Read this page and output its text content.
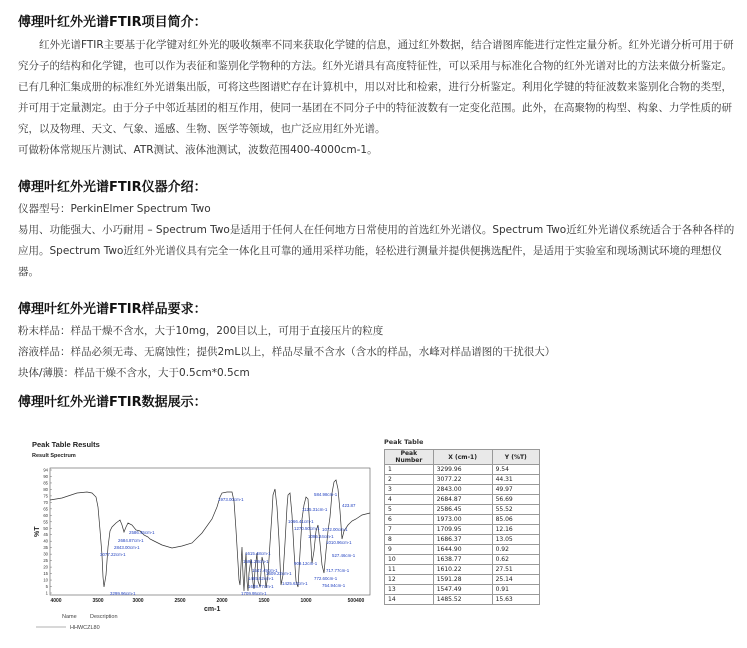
傅理叶红外光谱FTIR项目简介：

红外光谱FTIR主要基于化学键对红外光的吸收频率不同来获取化学键的信息，通过红外数据，结合谱图库能进行定性定量分析。红外光谱分析可用于研究分子的结构和化学键，也可以作为表征和鉴别化学物种的方法。红外光谱具有高度特征性，可以采用与标准化合物的红外光谱对比的方法来做分析鉴定。已有几种汇集成册的标准红外光谱集出版，可将这些图谱贮存在计算机中，用以对比和检索，进行分析鉴定。利用化学键的特征波数来鉴别化合物的类型，并可用于定量测定。由于分子中邻近基团的相互作用，使同一基团在不同分子中的特征波数有一定变化范围。此外，在高聚物的构型、构象、力学性质的研究，以及物理、天文、气象、遥感、生物、医学等领域，也广泛应用红外光谱。

可做粉体常规压片测试、ATR测试、液体池测试，波数范围400-4000cm-1。

傅理叶红外光谱FTIR仪器介绍：

仪器型号：PerkinElmer Spectrum Two

易用、功能强大、小巧耐用 – Spectrum Two是适用于任何人在任何地方日常使用的首选红外光谱仪。Spectrum Two近红外光谱仪系统适合于各种各样的应用。Spectrum Two近红外光谱仪具有完全一体化且可靠的通用采样功能，轻松进行测量并提供便携选配件，是适用于实验室和现场测试环境的理想仪器。

傅理叶红外光谱FTIR样品要求：

粉末样品：样品干燥不含水，大于10mg，200目以上，可用于直接压片的粒度

溶液样品：样品必须无毒、无腐蚀性；提供2mL以上，样品尽量不含水（含水的样品，水峰对样品谱图的干扰很大）

块体/薄膜：样品干燥不含水，大于0.5cm*0.5cm

傅理叶红外光谱FTIR数据展示：
Peak Table Results
Result Spectrum
94
90
85
80
75
70
65
60
55
50
45
40
35
30
25
20
15
10
5
1
4000	3500	3000	2500	2000	1500	1000	500400
%T
cm-1
1973.00cm-1
2586.45cm-1
2684.87cm-1
2843.00cm-1
3077.22cm-1
3299.96cm-1
584.98cm-1
423.87
1125.31cm-1
1066.41cm-1
1270.50cm-1
1095.24cm-1
1072.00cm-1
1010.96cm-1
717.77cm-1
772.60cm-1
754.94cm-1
527.46cm-1
909.12cm-1
1615.48cm-1
1591.28cm-1
1547.49cm-1
1485.52cm-1
1425.63cm-1
1609.22cm-1
1638.77cm-1
1709.95cm-1
Name Description
HHWCZL80
Peak Table
Peak Number	X (cm-1)	Y (%T)
1	3299.96	9.54
2	3077.22	44.31
3	2843.00	49.97
4	2684.87	56.69
5	2586.45	55.52
6	1973.00	85.06
7	1709.95	12.16
8	1686.37	13.05
9	1644.90	0.92
10	1638.77	0.62
11	1610.22	27.51
12	1591.28	25.14
13	1547.49	0.91
14	1485.52	15.63
